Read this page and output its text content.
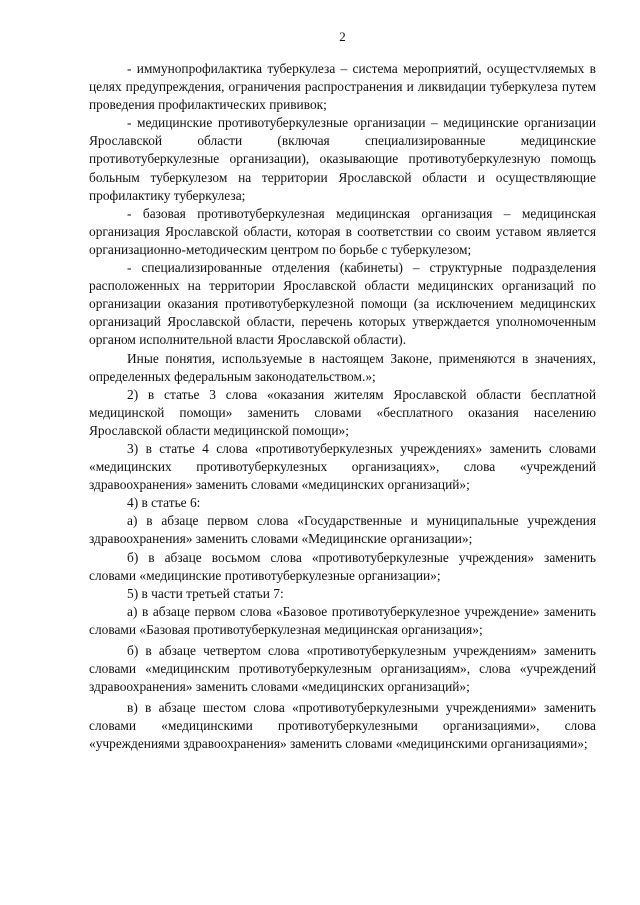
2

- иммунопрофилактика туберкулеза – система мероприятий, осущестvляемых в целях предупреждения, ограничения распространения и ликвидации туберкулеза путем проведения профилактических прививок;

- медицинские противотуберкулезные организации – медицинские организации Ярославской области (включая специализированные медицинские противотуберкулезные организации), оказывающие противотуберкулезную помощь больным туберкулезом на территории Ярославской области и осуществляющие профилактику туберкулеза;

- базовая противотуберкулезная медицинская организация – медицинская организация Ярославской области, которая в соответствии со своим уставом является организационно-методическим центром по борьбе с туберкулезом;

- специализированные отделения (кабинеты) – структурные подразделения расположенных на территории Ярославской области медицинских организаций по организации оказания противотуберкулезной помощи (за исключением медицинских организаций Ярославской области, перечень которых утверждается уполномоченным органом исполнительной власти Ярославской области).

Иные понятия, используемые в настоящем Законе, применяются в значениях, определенных федеральным законодательством.»;

2) в статье 3 слова «оказания жителям Ярославской области бесплатной медицинской помощи» заменить словами «бесплатного оказания населению Ярославской области медицинской помощи»;

3) в статье 4 слова «противотуберкулезных учреждениях» заменить словами «медицинских противотуберкулезных организациях», слова «учреждений здравоохранения» заменить словами «медицинских организаций»;

4) в статье 6:

а) в абзаце первом слова «Государственные и муниципальные учреждения здравоохранения» заменить словами «Медицинские организации»;

б) в абзаце восьмом слова «противотуберкулезные учреждения» заменить словами «медицинские противотуберкулезные организации»;

5) в части третьей статьи 7:

а) в абзаце первом слова «Базовое противотуберкулезное учреждение» заменить словами «Базовая противотуберкулезная медицинская организация»;

б) в абзаце четвертом слова «противотуберкулезным учреждениям» заменить словами «медицинским противотуберкулезным организациям», слова «учреждений здравоохранения» заменить словами «медицинских организаций»;

в) в абзаце шестом слова «противотуберкулезными учреждениями» заменить словами «медицинскими противотуберкулезными организациями», слова «учреждениями здравоохранения» заменить словами «медицинскими организациями»;
